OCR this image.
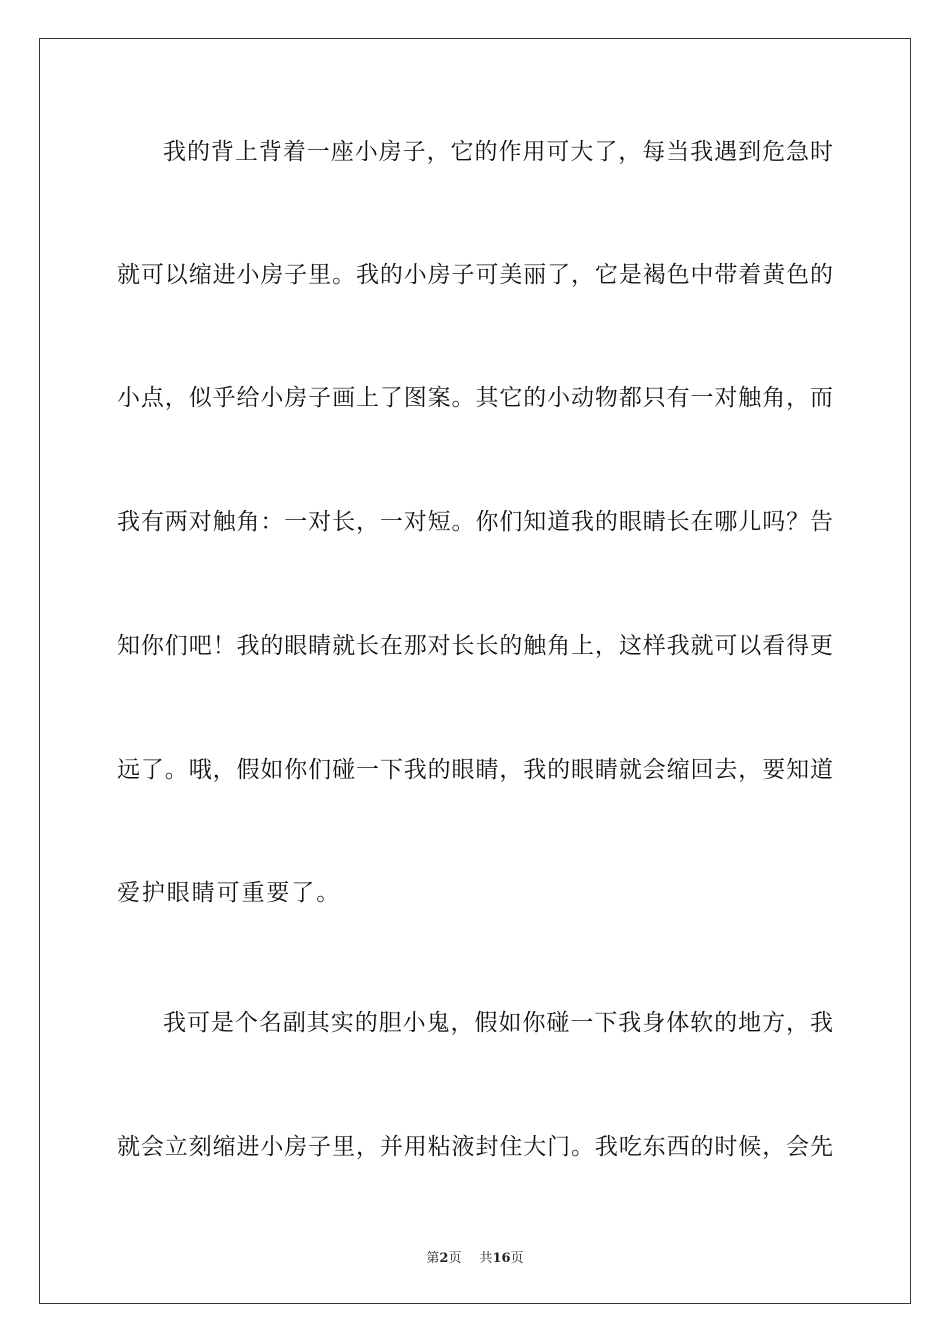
我的背上背着一座小房子，它的作用可大了，每当我遇到危急时
就可以缩进小房子里。我的小房子可美丽了，它是褐色中带着黄色的
小点，似乎给小房子画上了图案。其它的小动物都只有一对触角，而
我有两对触角：一对长，一对短。你们知道我的眼睛长在哪儿吗？告
知你们吧！我的眼睛就长在那对长长的触角上，这样我就可以看得更
远了。哦，假如你们碰一下我的眼睛，我的眼睛就会缩回去，要知道
爱护眼睛可重要了。
我可是个名副其实的胆小鬼，假如你碰一下我身体软的地方，我
就会立刻缩进小房子里，并用粘液封住大门。我吃东西的时候，会先
第2页 共16页
